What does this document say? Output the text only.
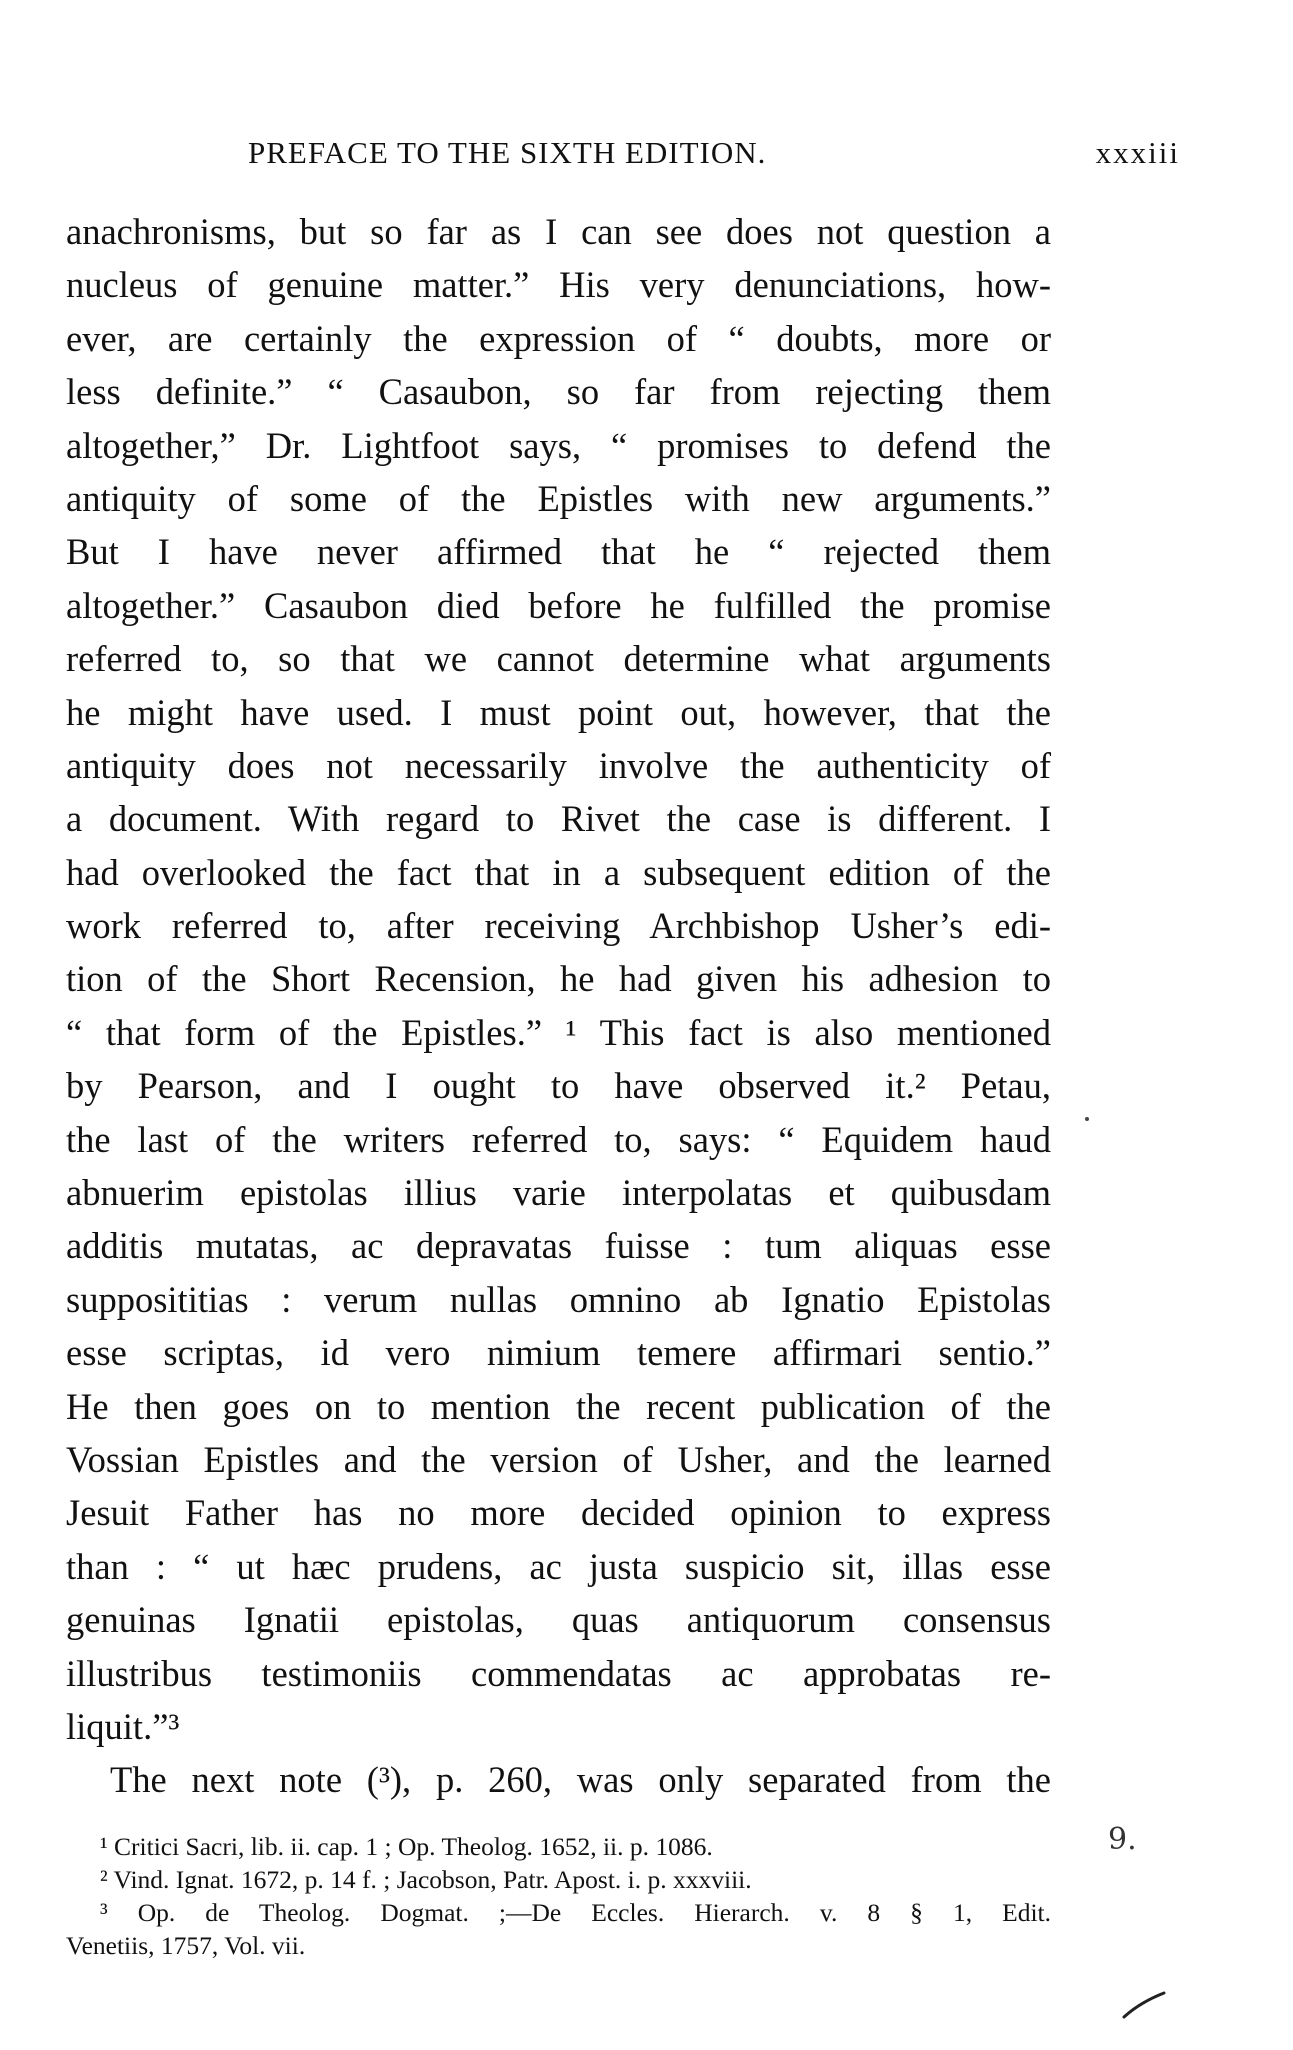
PREFACE TO THE SIXTH EDITION.	xxxiii
anachronisms, but so far as I can see does not question a
nucleus of genuine matter.” His very denunciations, how-
ever, are certainly the expression of “ doubts, more or
less definite.” “ Casaubon, so far from rejecting them
altogether,” Dr. Lightfoot says, “ promises to defend the
antiquity of some of the Epistles with new arguments.”
But I have never affirmed that he “ rejected them
altogether.” Casaubon died before he fulfilled the promise
referred to, so that we cannot determine what arguments
he might have used. I must point out, however, that the
antiquity does not necessarily involve the authenticity of
a document. With regard to Rivet the case is different. I
had overlooked the fact that in a subsequent edition of the
work referred to, after receiving Archbishop Usher’s edi-
tion of the Short Recension, he had given his adhesion to
“ that form of the Epistles.” ¹ This fact is also mentioned
by Pearson, and I ought to have observed it.² Petau,
the last of the writers referred to, says: “ Equidem haud
abnuerim epistolas illius varie interpolatas et quibusdam
additis mutatas, ac depravatas fuisse : tum aliquas esse
supposititias : verum nullas omnino ab Ignatio Epistolas
esse scriptas, id vero nimium temere affirmari sentio.”
He then goes on to mention the recent publication of the
Vossian Epistles and the version of Usher, and the learned
Jesuit Father has no more decided opinion to express
than : “ ut hæc prudens, ac justa suspicio sit, illas esse
genuinas Ignatii epistolas, quas antiquorum consensus
illustribus testimoniis commendatas ac approbatas re-
liquit.”³
The next note (³), p. 260, was only separated from the
¹ Critici Sacri, lib. ii. cap. 1 ; Op. Theolog. 1652, ii. p. 1086.
² Vind. Ignat. 1672, p. 14 f. ; Jacobson, Patr. Apost. i. p. xxxviii.
³ Op. de Theolog. Dogmat. ;—De Eccles. Hierarch. v. 8 § 1, Edit.
Venetiis, 1757, Vol. vii.
9.
